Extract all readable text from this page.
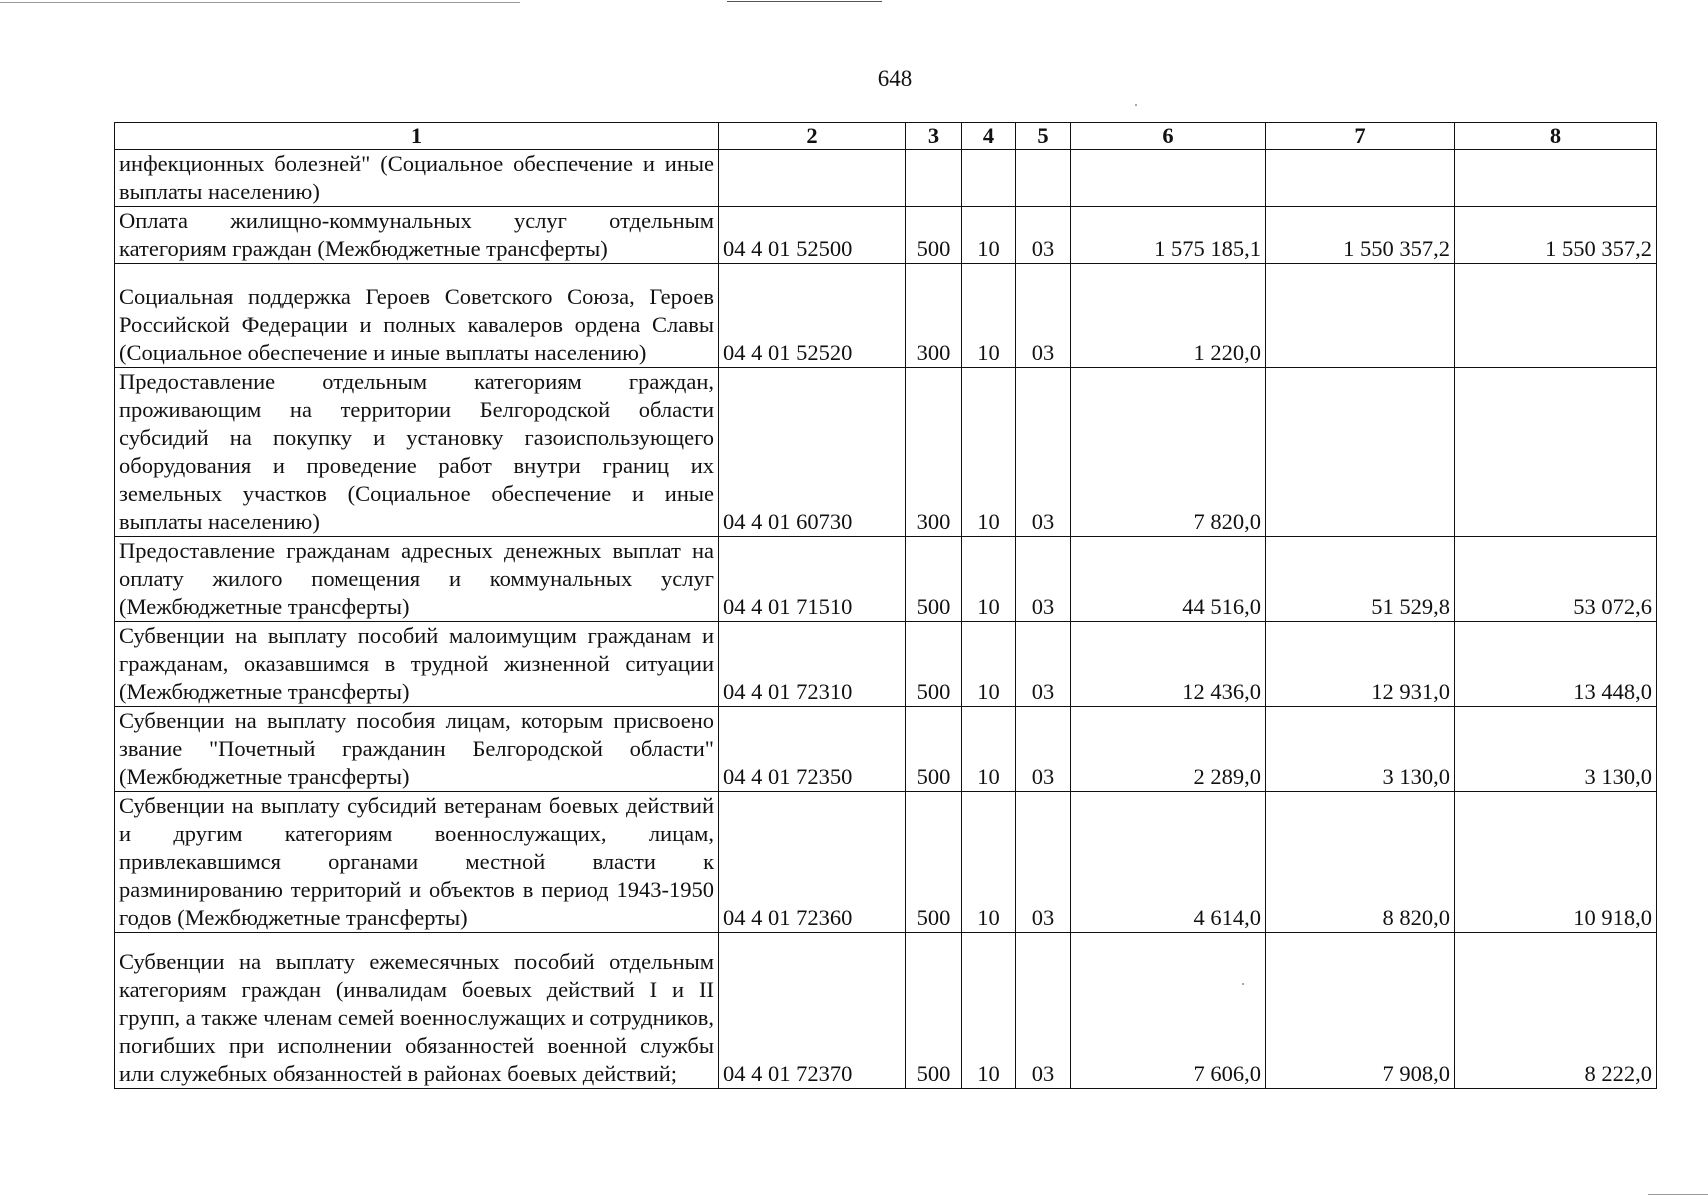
648
1	2	3	4	5	6	7	8
инфекционных болезней" (Социальное обеспечение и иные выплаты населению)							
Оплата жилищно-коммунальных услуг отдельным категориям граждан (Межбюджетные трансферты)	04 4 01 52500	500	10	03	1 575 185,1	1 550 357,2	1 550 357,2
Социальная поддержка Героев Советского Союза, Героев Российской Федерации и полных кавалеров ордена Славы (Социальное обеспечение и иные выплаты населению)	04 4 01 52520	300	10	03	1 220,0		
Предоставление отдельным категориям граждан, проживающим на территории Белгородской области субсидий на покупку и установку газоиспользующего оборудования и проведение работ внутри границ их земельных участков (Социальное обеспечение и иные выплаты населению)	04 4 01 60730	300	10	03	7 820,0		
Предоставление гражданам адресных денежных выплат на оплату жилого помещения и коммунальных услуг (Межбюджетные трансферты)	04 4 01 71510	500	10	03	44 516,0	51 529,8	53 072,6
Субвенции на выплату пособий малоимущим гражданам и гражданам, оказавшимся в трудной жизненной ситуации (Межбюджетные трансферты)	04 4 01 72310	500	10	03	12 436,0	12 931,0	13 448,0
Субвенции на выплату пособия лицам, которым присвоено звание "Почетный гражданин Белгородской области" (Межбюджетные трансферты)	04 4 01 72350	500	10	03	2 289,0	3 130,0	3 130,0
Субвенции на выплату субсидий ветеранам боевых действий и другим категориям военнослужащих, лицам, привлекавшимся органами местной власти к разминированию территорий и объектов в период 1943-1950 годов (Межбюджетные трансферты)	04 4 01 72360	500	10	03	4 614,0	8 820,0	10 918,0
Субвенции на выплату ежемесячных пособий отдельным категориям граждан (инвалидам боевых действий I и II групп, а также членам семей военнослужащих и сотрудников, погибших при исполнении обязанностей военной службы или служебных обязанностей в районах боевых действий;	04 4 01 72370	500	10	03	7 606,0	7 908,0	8 222,0
